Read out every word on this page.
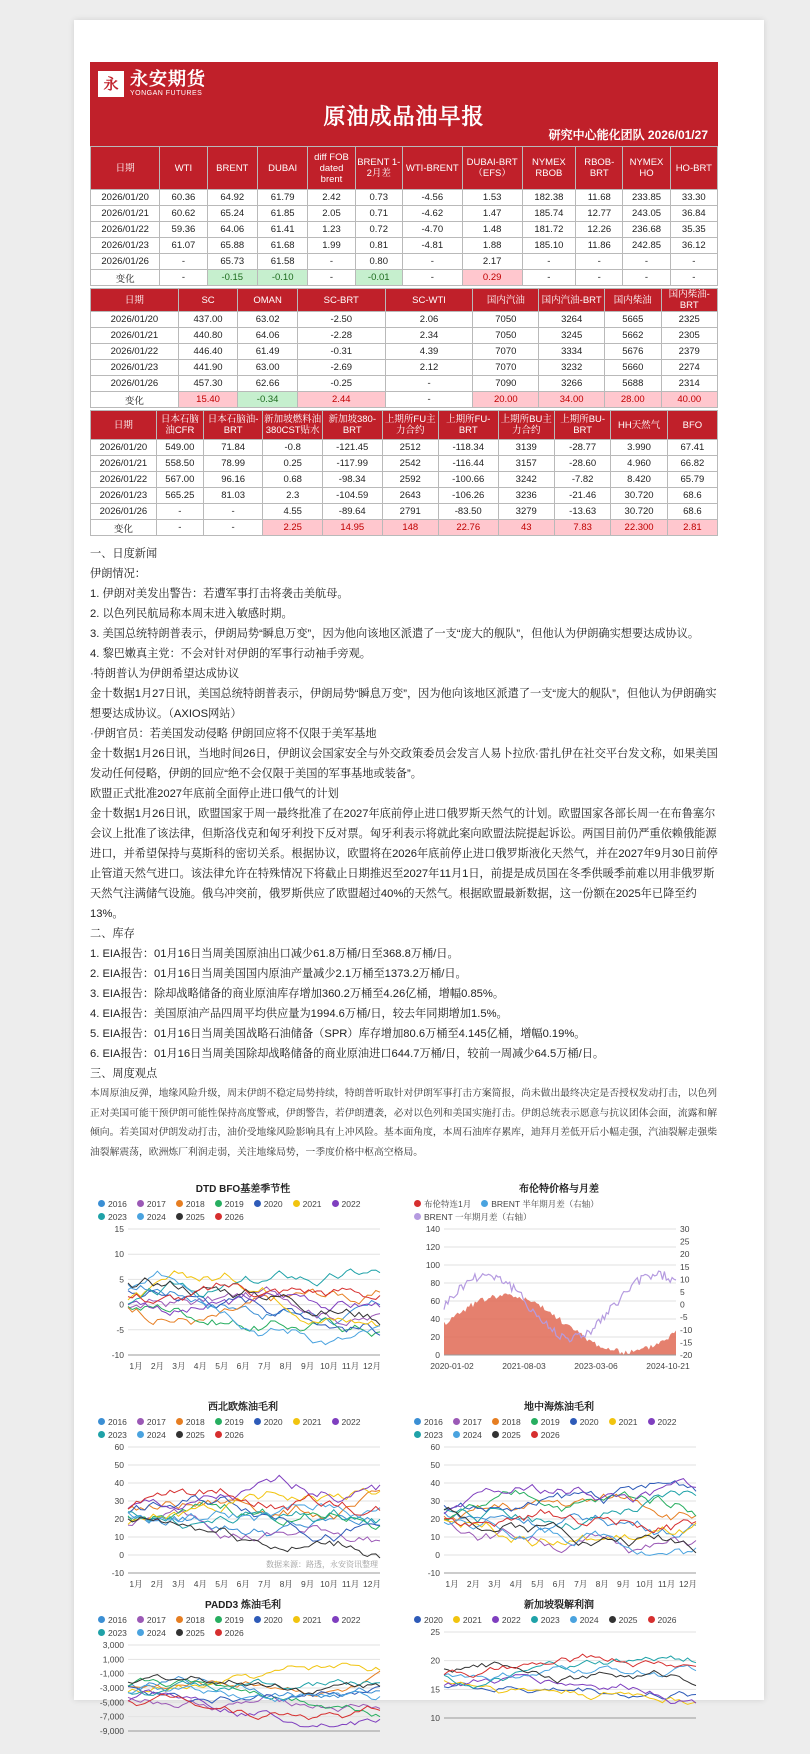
永 永安期货
YONGAN FUTURES
原油成品油早报
研究中心能化团队 2026/01/27
日期	WTI	BRENT	DUBAI	diff FOB dated brent	BRENT 1-2月差	WTI-BRENT	DUBAI-BRT（EFS）	NYMEX RBOB	RBOB-BRT	NYMEX HO	HO-BRT
2026/01/20	60.36	64.92	61.79	2.42	0.73	-4.56	1.53	182.38	11.68	233.85	33.30
2026/01/21	60.62	65.24	61.85	2.05	0.71	-4.62	1.47	185.74	12.77	243.05	36.84
2026/01/22	59.36	64.06	61.41	1.23	0.72	-4.70	1.48	181.72	12.26	236.68	35.35
2026/01/23	61.07	65.88	61.68	1.99	0.81	-4.81	1.88	185.10	11.86	242.85	36.12
2026/01/26	-	65.73	61.58	-	0.80	-	2.17	-	-	-	-
变化	-	-0.15	-0.10	-	-0.01	-	0.29	-	-	-	-
日期	SC	OMAN	SC-BRT	SC-WTI	国内汽油	国内汽油-BRT	国内柴油	国内柴油-BRT
2026/01/20	437.00	63.02	-2.50	2.06	7050	3264	5665	2325
2026/01/21	440.80	64.06	-2.28	2.34	7050	3245	5662	2305
2026/01/22	446.40	61.49	-0.31	4.39	7070	3334	5676	2379
2026/01/23	441.90	63.00	-2.69	2.12	7070	3232	5660	2274
2026/01/26	457.30	62.66	-0.25	-	7090	3266	5688	2314
变化	15.40	-0.34	2.44	-	20.00	34.00	28.00	40.00
日期	日本石脑油CFR	日本石脑油-BRT	新加坡燃料油380CST贴水	新加坡380-BRT	上期所FU主力合约	上期所FU-BRT	上期所BU主力合约	上期所BU-BRT	HH天然气	BFO
2026/01/20	549.00	71.84	-0.8	-121.45	2512	-118.34	3139	-28.77	3.990	67.41
2026/01/21	558.50	78.99	0.25	-117.99	2542	-116.44	3157	-28.60	4.960	66.82
2026/01/22	567.00	96.16	0.68	-98.34	2592	-100.66	3242	-7.82	8.420	65.79
2026/01/23	565.25	81.03	2.3	-104.59	2643	-106.26	3236	-21.46	30.720	68.6
2026/01/26	-	-	4.55	-89.64	2791	-83.50	3279	-13.63	30.720	68.6
变化	-	-	2.25	14.95	148	22.76	43	7.83	22.300	2.81

一、日度新闻

伊朗情况：

1. 伊朗对美发出警告：若遭军事打击将袭击美航母。

2. 以色列民航局称本周末进入敏感时期。

3. 美国总统特朗普表示，伊朗局势“瞬息万变”，因为他向该地区派遣了一支“庞大的舰队”，但他认为伊朗确实想要达成协议。

4. 黎巴嫩真主党：不会对针对伊朗的军事行动袖手旁观。

·特朗普认为伊朗希望达成协议

金十数据1月27日讯，美国总统特朗普表示，伊朗局势“瞬息万变”，因为他向该地区派遣了一支“庞大的舰队”，但他认为伊朗确实想要达成协议。（AXIOS网站）

·伊朗官员：若美国发动侵略 伊朗回应将不仅限于美军基地

金十数据1月26日讯，当地时间26日，伊朗议会国家安全与外交政策委员会发言人易卜拉欣·雷扎伊在社交平台发文称，如果美国发动任何侵略，伊朗的回应“绝不会仅限于美国的军事基地或装备”。

欧盟正式批准2027年底前全面停止进口俄气的计划

金十数据1月26日讯，欧盟国家于周一最终批准了在2027年底前停止进口俄罗斯天然气的计划。欧盟国家各部长周一在布鲁塞尔会议上批准了该法律，但斯洛伐克和匈牙利投下反对票。匈牙利表示将就此案向欧盟法院提起诉讼。两国目前仍严重依赖俄能源进口，并希望保持与莫斯科的密切关系。根据协议，欧盟将在2026年底前停止进口俄罗斯液化天然气，并在2027年9月30日前停止管道天然气进口。该法律允许在特殊情况下将截止日期推迟至2027年11月1日，前提是成员国在冬季供暖季前难以用非俄罗斯天然气注满储气设施。俄乌冲突前，俄罗斯供应了欧盟超过40%的天然气。根据欧盟最新数据，这一份额在2025年已降至约13%。

二、库存

1. EIA报告：01月16日当周美国原油出口减少61.8万桶/日至368.8万桶/日。

2. EIA报告：01月16日当周美国国内原油产量减少2.1万桶至1373.2万桶/日。

3. EIA报告：除却战略储备的商业原油库存增加360.2万桶至4.26亿桶，增幅0.85%。

4. EIA报告：美国原油产品四周平均供应量为1994.6万桶/日，较去年同期增加1.5%。

5. EIA报告：01月16日当周美国战略石油储备（SPR）库存增加80.6万桶至4.145亿桶，增幅0.19%。

6. EIA报告：01月16日当周美国除却战略储备的商业原油进口644.7万桶/日，较前一周减少64.5万桶/日。

三、周度观点

本周原油反弹，地缘风险升级，周末伊朗不稳定局势持续，特朗普听取针对伊朗军事打击方案简报，尚未做出最终决定是否授权发动打击，以色列正对美国可能干预伊朗可能性保持高度警戒，伊朗警告，若伊朗遭袭，必对以色列和美国实施打击。伊朗总统表示愿意与抗议团体会面，流露和解倾向。若美国对伊朗发动打击，油价受地缘风险影响具有上冲风险。基本面角度，本周石油库存累库，迪拜月差低开后小幅走强，汽油裂解走强柴油裂解震荡，欧洲炼厂利润走弱，关注地缘局势，一季度价格中枢高空格局。

DTD BFO基差季节性
2016 2017 2018 2019 2020 2021 2022
2023 2024 2025 2026
15
10
5
0
-5
-10
1月 2月 3月 4月 5月 6月 7月 8月 9月 10月 11月 12月
布伦特价格与月差
布伦特连1月 BRENT 半年期月差（右轴）
BRENT 一年期月差（右轴）
140
120
100
80
60
40
20
0
30
25
20
15
10
5
0
-5
-10
-15
-20
2020-01-02	2021-08-03	2023-03-06	2024-10-21
西北欧炼油毛利
2016 2017 2018 2019 2020 2021 2022
2023 2024 2025 2026
60
50
40
30
20
10
0
-10
1月 2月 3月 4月 5月 6月 7月 8月 9月 10月 11月 12月
数据来源：路透，永安资讯整理
地中海炼油毛利
2016 2017 2018 2019 2020 2021 2022
2023 2024 2025 2026
60
50
40
30
20
10
0
-10
1月 2月 3月 4月 5月 6月 7月 8月 9月 10月 11月 12月
PADD3 炼油毛利
2016 2017 2018 2019 2020 2021 2022
2023 2024 2025 2026
3,000
1,000
-1,000
-3,000
-5,000
-7,000
-9,000
新加坡裂解利润
2020 2021 2022 2023 2024 2025 2026
25
20
15
10
